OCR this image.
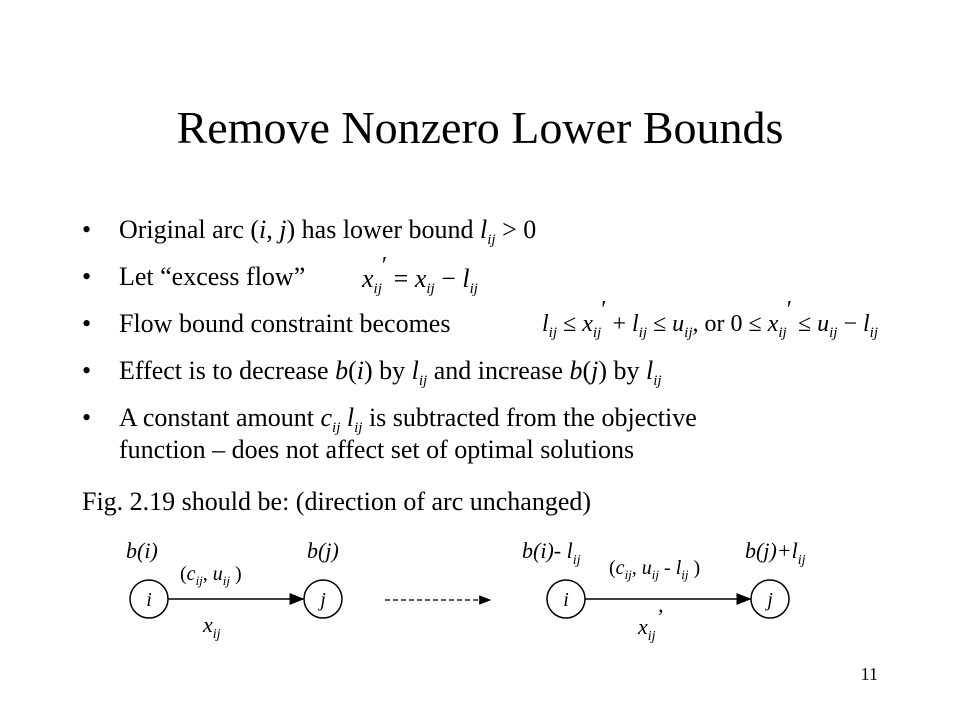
Remove Nonzero Lower Bounds
• Original arc (i, j) has lower bound $l_{ij} > 0$
• Let “excess flow”
• Flow bound constraint becomes
• Effect is to decrease b(i) by $l_{ij}$ and increase b(j) by $l_{ij}$
• A constant amount $c_{ij}$ $l_{ij}$ is subtracted from the objective
function – does not affect set of optimal solutions
$x_{ij}' = x_{ij} - l_{ij}$
$l_{ij} \le x_{ij}' + l_{ij} \le u_{ij}$, or $0 \le x_{ij}' \le u_{ij} - l_{ij}$
Fig. 2.19 should be: (direction of arc unchanged)
b(i)	b(j)
($c_{ij}$, $u_{ij}$ )
i	j
$x_{ij}$
b(i)- $l_{ij}$	$b(j)+l_{ij}$
($c_{ij}$, $u_{ij} - l_{ij}$ )
i	j
$x_{ij}$’
11
